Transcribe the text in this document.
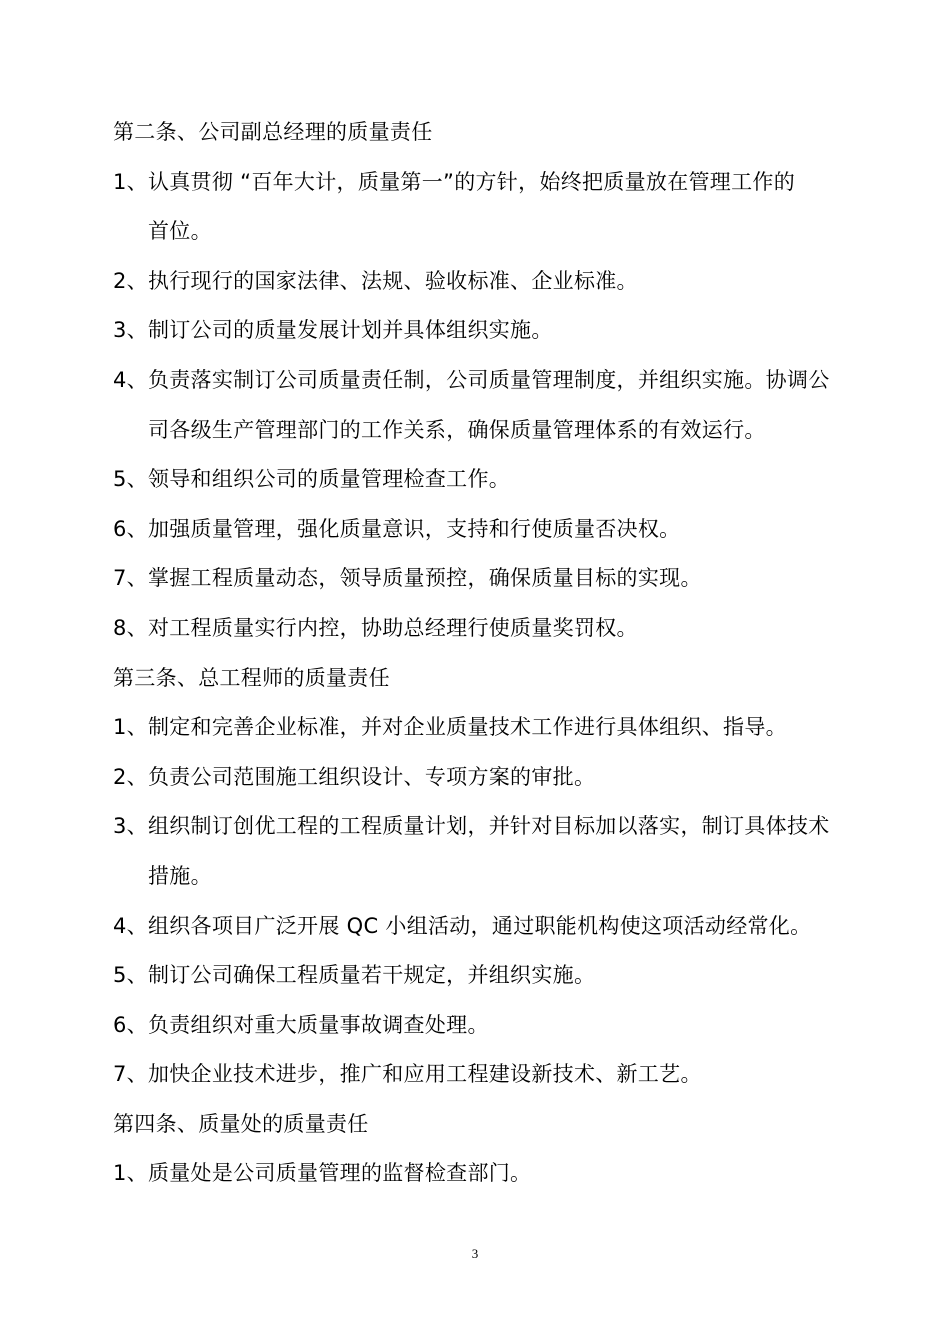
第二条、公司副总经理的质量责任
1、认真贯彻 “百年大计，质量第一”的方针，始终把质量放在管理工作的
首位。
2、执行现行的国家法律、法规、验收标准、企业标准。
3、制订公司的质量发展计划并具体组织实施。
4、负责落实制订公司质量责任制，公司质量管理制度，并组织实施。协调公
司各级生产管理部门的工作关系，确保质量管理体系的有效运行。
5、领导和组织公司的质量管理检查工作。
6、加强质量管理，强化质量意识，支持和行使质量否决权。
7、掌握工程质量动态，领导质量预控，确保质量目标的实现。
8、对工程质量实行内控，协助总经理行使质量奖罚权。
第三条、总工程师的质量责任
1、制定和完善企业标准，并对企业质量技术工作进行具体组织、指导。
2、负责公司范围施工组织设计、专项方案的审批。
3、组织制订创优工程的工程质量计划，并针对目标加以落实，制订具体技术
措施。
4、组织各项目广泛开展 QC 小组活动，通过职能机构使这项活动经常化。
5、制订公司确保工程质量若干规定，并组织实施。
6、负责组织对重大质量事故调查处理。
7、加快企业技术进步，推广和应用工程建设新技术、新工艺。
第四条、质量处的质量责任
1、质量处是公司质量管理的监督检查部门。
3
